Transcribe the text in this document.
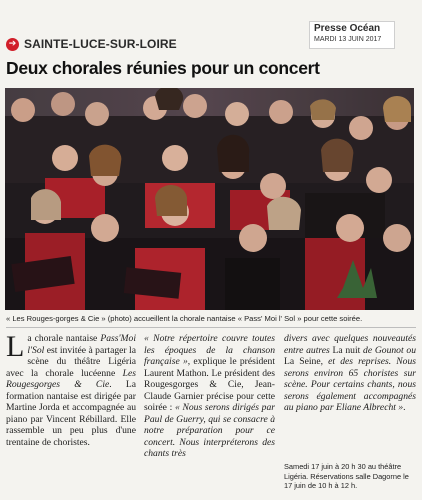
Presse Océan
MARDI 13 JUIN 2017
➔ SAINTE-LUCE-SUR-LOIRE
Deux chorales réunies pour un concert
« Les Rouges-gorges & Cie » (photo) accueillent la chorale nantaise « Pass' Moi l' Sol » pour cette soirée.

La chorale nantaise Pass'Moi l'Sol est invitée à partager la scène du théâtre Ligéria avec la chorale lucéenne Les Rougesgorges & Cie. La formation nantaise est dirigée par Martine Jorda et accompagnée au piano par Vincent Rébillard. Elle rassemble un peu plus d'une trentaine de choristes.

« Notre répertoire couvre toutes les époques de la chanson française », explique le président Laurent Mathon. Le président des Rougesgorges & Cie, Jean-Claude Garnier précise pour cette soirée : « Nous serons dirigés par Paul de Guerry, qui se consacre à notre préparation pour ce concert. Nous interpréterons des chants très

divers avec quelques nouveautés entre autres La nuit de Gounot ou La Seine, et des reprises. Nous serons environ 65 choristes sur scène. Pour certains chants, nous serons également accompagnés au piano par Eliane Albrecht ».

Samedi 17 juin à 20 h 30 au théâtre Ligéria. Réservations salle Dagorne le 17 juin de 10 h à 12 h.
